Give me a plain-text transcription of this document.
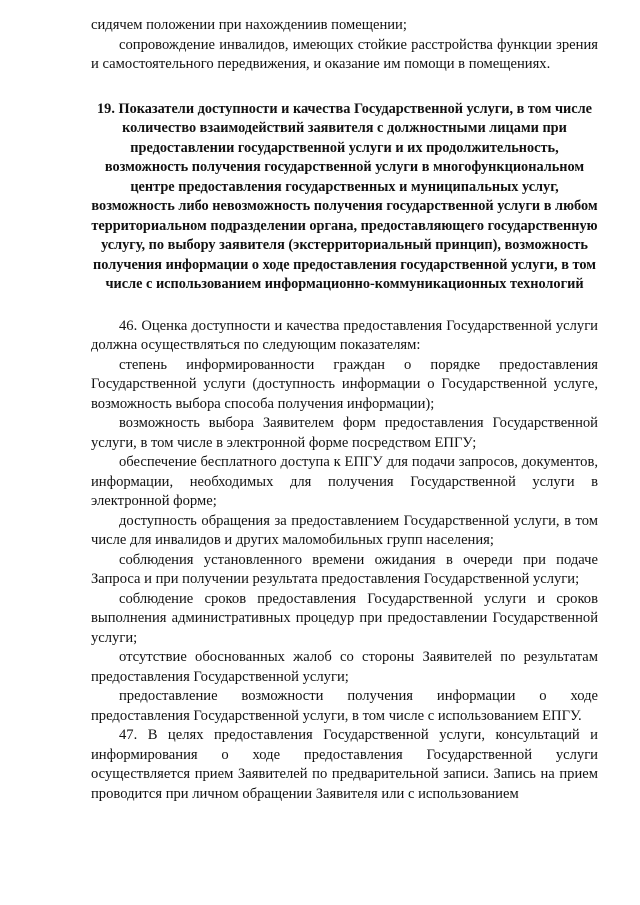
сидячем положении при нахождениив помещении;

сопровождение инвалидов, имеющих стойкие расстройства функции зрения и самостоятельного передвижения, и оказание им помощи в помещениях.

19. Показатели доступности и качества Государственной услуги, в том числе количество взаимодействий заявителя с должностными лицами при предоставлении государственной услуги и их продолжительность, возможность получения государственной услуги в многофункциональном центре предоставления государственных и муниципальных услуг, возможность либо невозможность получения государственной услуги в любом территориальном подразделении органа, предоставляющего государственную услугу, по выбору заявителя (экстерриториальный принцип), возможность получения информации о ходе предоставления государственной услуги, в том числе с использованием информационно-коммуникационных технологий

46. Оценка доступности и качества предоставления Государственной услуги должна осуществляться по следующим показателям:

степень информированности граждан о порядке предоставления Государственной услуги (доступность информации о Государственной услуге, возможность выбора способа получения информации);

возможность выбора Заявителем форм предоставления Государственной услуги, в том числе в электронной форме посредством ЕПГУ;

обеспечение бесплатного доступа к ЕПГУ для подачи запросов, документов, информации, необходимых для получения Государственной услуги в электронной форме;

доступность обращения за предоставлением Государственной услуги, в том числе для инвалидов и других маломобильных групп населения;

соблюдения установленного времени ожидания в очереди при подаче Запроса и при получении результата предоставления Государственной услуги;

соблюдение сроков предоставления Государственной услуги и сроков выполнения административных процедур при предоставлении Государственной услуги;

отсутствие обоснованных жалоб со стороны Заявителей по результатам предоставления Государственной услуги;

предоставление возможности получения информации о ходе предоставления Государственной услуги, в том числе с использованием ЕПГУ.

47. В целях предоставления Государственной услуги, консультаций и информирования о ходе предоставления Государственной услуги осуществляется прием Заявителей по предварительной записи. Запись на прием проводится при личном обращении Заявителя или с использованием
